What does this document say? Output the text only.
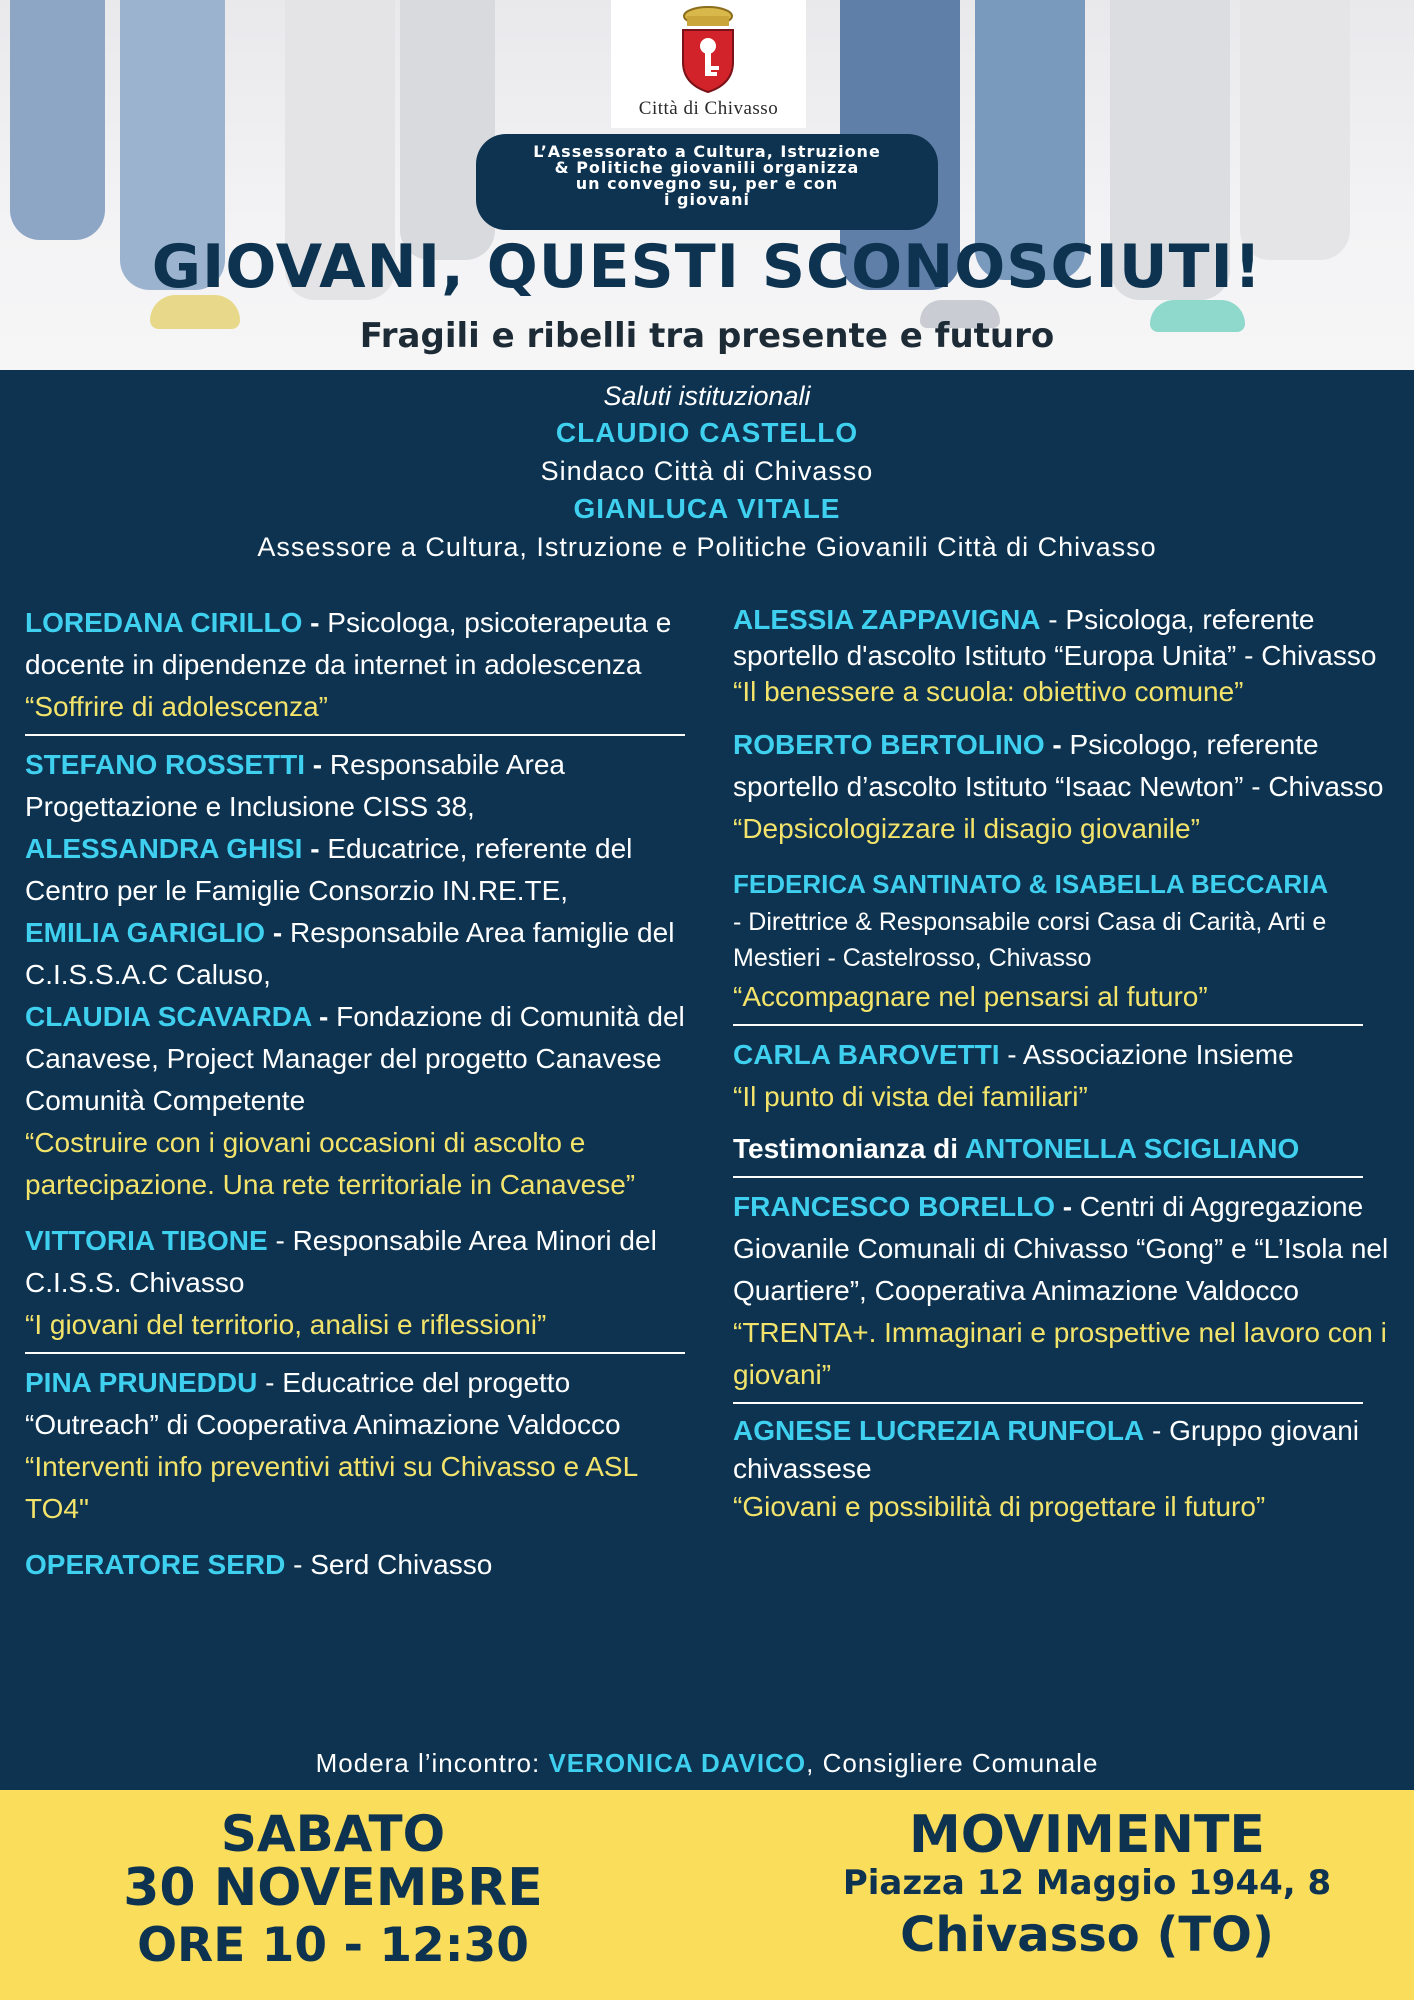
Città di Chivasso
L’Assessorato a Cultura, Istruzione
& Politiche giovanili organizza
un convegno su, per e con
i giovani
GIOVANI, QUESTI SCONOSCIUTI!
Fragili e ribelli tra presente e futuro
Saluti istituzionali
CLAUDIO CASTELLO
Sindaco Città di Chivasso
GIANLUCA VITALE
Assessore a Cultura, Istruzione e Politiche Giovanili Città di Chivasso
LOREDANA CIRILLO - Psicologa, psicoterapeuta e docente in dipendenze da internet in adolescenza
“Soffrire di adolescenza”
STEFANO ROSSETTI - Responsabile Area Progettazione e Inclusione CISS 38,
ALESSANDRA GHISI - Educatrice, referente del Centro per le Famiglie Consorzio IN.RE.TE,
EMILIA GARIGLIO - Responsabile Area famiglie del C.I.S.S.A.C Caluso,
CLAUDIA SCAVARDA - Fondazione di Comunità del Canavese, Project Manager del progetto Canavese Comunità Competente
“Costruire con i giovani occasioni di ascolto e partecipazione. Una rete territoriale in Canavese”
VITTORIA TIBONE - Responsabile Area Minori del C.I.S.S. Chivasso
“I giovani del territorio, analisi e riflessioni”
PINA PRUNEDDU - Educatrice del progetto “Outreach” di Cooperativa Animazione Valdocco
“Interventi info preventivi attivi su Chivasso e ASL TO4"
OPERATORE SERD - Serd Chivasso
ALESSIA ZAPPAVIGNA - Psicologa, referente sportello d'ascolto Istituto “Europa Unita” - Chivasso
“Il benessere a scuola: obiettivo comune”
ROBERTO BERTOLINO - Psicologo, referente sportello d’ascolto Istituto “Isaac Newton” - Chivasso
“Depsicologizzare il disagio giovanile”
FEDERICA SANTINATO & ISABELLA BECCARIA
- Direttrice & Responsabile corsi Casa di Carità, Arti e Mestieri - Castelrosso, Chivasso
“Accompagnare nel pensarsi al futuro”
CARLA BAROVETTI - Associazione Insieme
“Il punto di vista dei familiari”
Testimonianza di ANTONELLA SCIGLIANO
FRANCESCO BORELLO - Centri di Aggregazione Giovanile Comunali di Chivasso “Gong” e “L’Isola nel Quartiere”, Cooperativa Animazione Valdocco
“TRENTA+. Immaginari e prospettive nel lavoro con i giovani”
AGNESE LUCREZIA RUNFOLA - Gruppo giovani chivassese
“Giovani e possibilità di progettare il futuro”
Modera l’incontro: VERONICA DAVICO, Consigliere Comunale
SABATO
30 NOVEMBRE
ORE 10 - 12:30
MOVIMENTE
Piazza 12 Maggio 1944, 8
Chivasso (TO)
